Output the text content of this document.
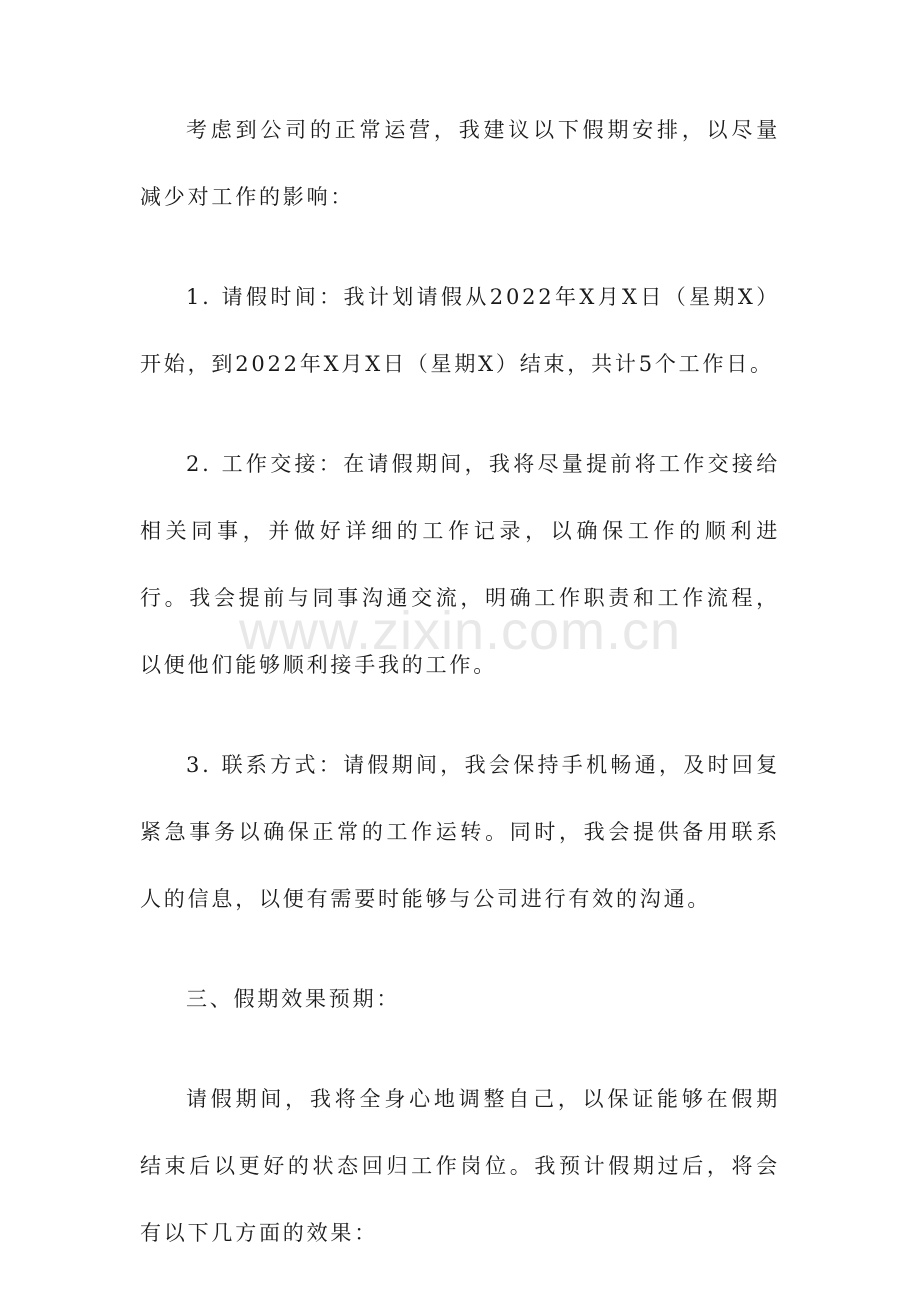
考虑到公司的正常运营，我建议以下假期安排，以尽量减少对工作的影响：

1. 请假时间：我计划请假从2022年X月X日（星期X）开始，到2022年X月X日（星期X）结束，共计5个工作日。

2. 工作交接：在请假期间，我将尽量提前将工作交接给相关同事，并做好详细的工作记录，以确保工作的顺利进行。我会提前与同事沟通交流，明确工作职责和工作流程，以便他们能够顺利接手我的工作。

3. 联系方式：请假期间，我会保持手机畅通，及时回复紧急事务以确保正常的工作运转。同时，我会提供备用联系人的信息，以便有需要时能够与公司进行有效的沟通。

三、假期效果预期：

请假期间，我将全身心地调整自己，以保证能够在假期结束后以更好的状态回归工作岗位。我预计假期过后，将会有以下几方面的效果：

www.zixin.com.cn
